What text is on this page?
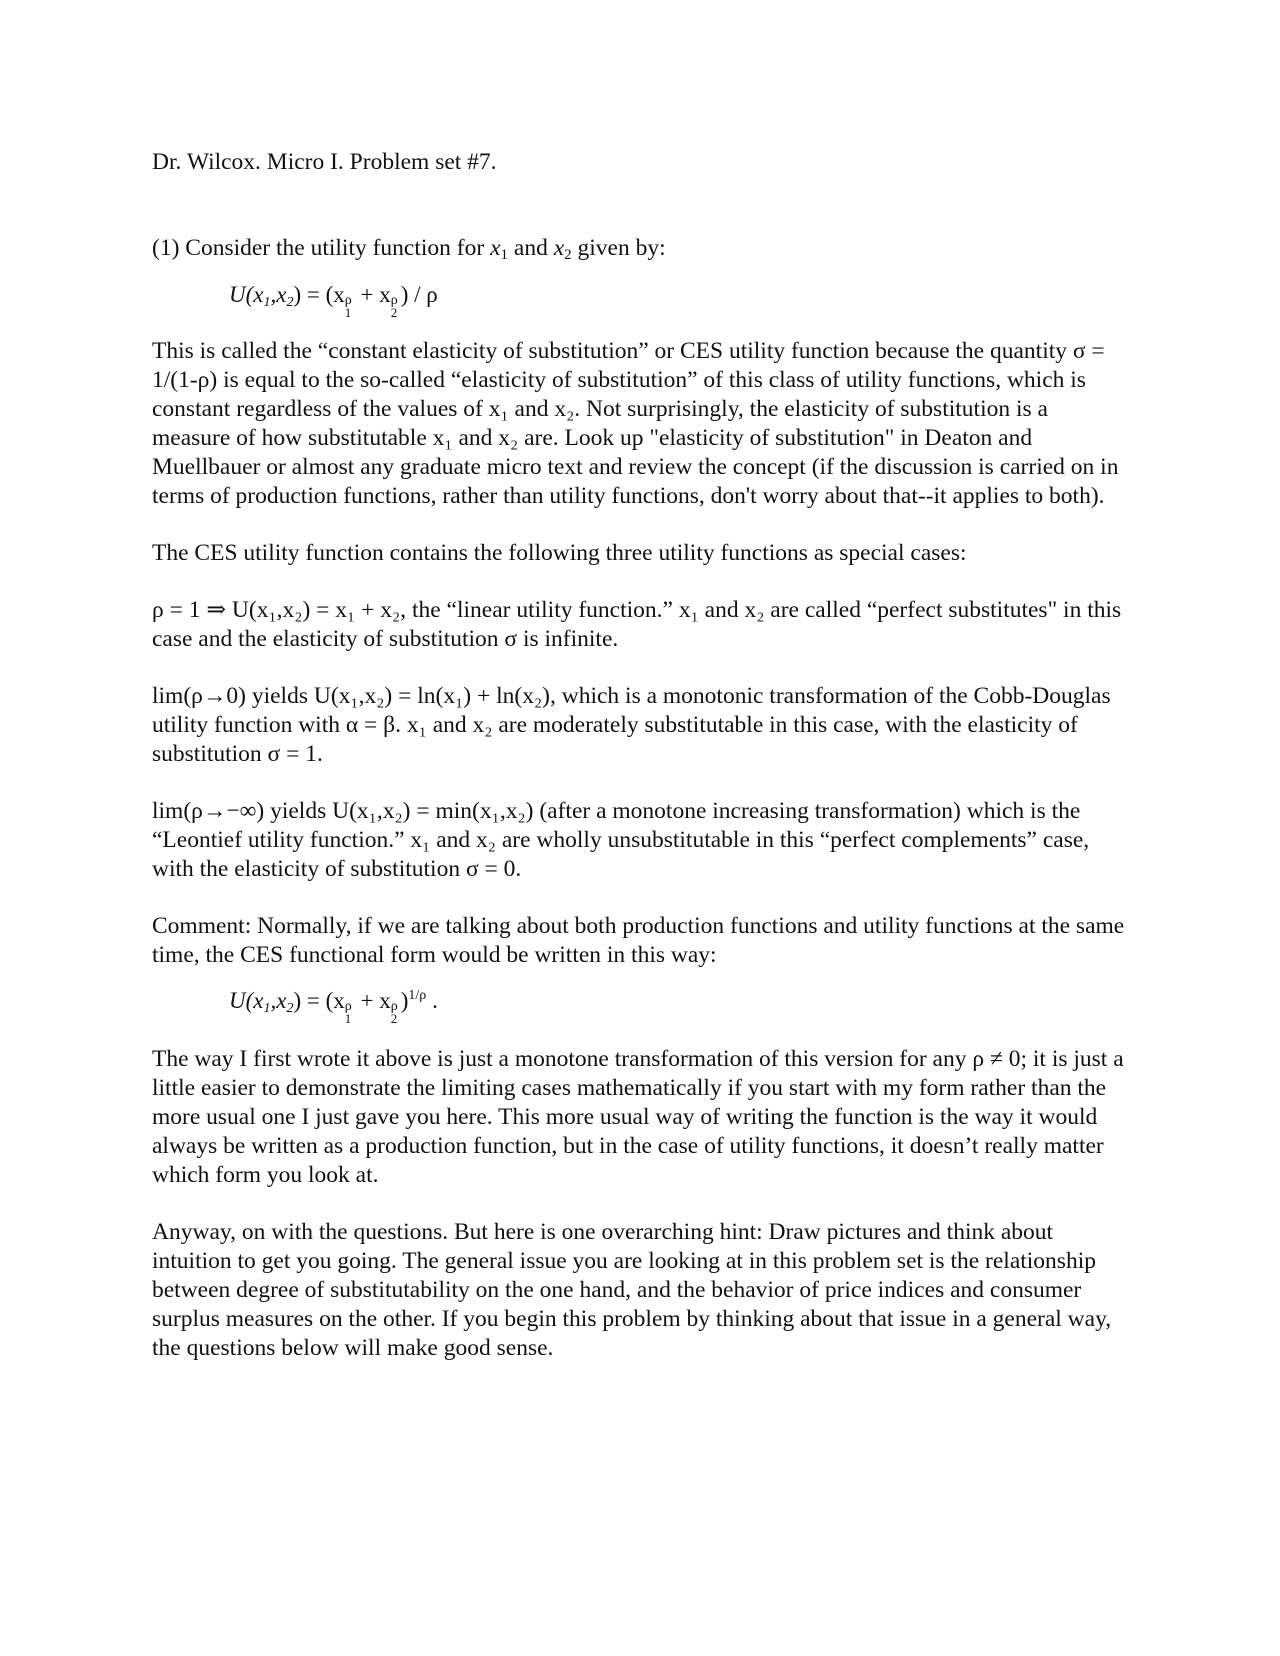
Dr. Wilcox. Micro I. Problem set #7.

(1) Consider the utility function for $x_1$ and $x_2$ given by:

$U(x_1,x_2) = (x$ ρ
1
+ x ρ
2
) / ρ

This is called the “constant elasticity of substitution” or CES utility function because the quantity σ = 1/(1-ρ) is equal to the so-called “elasticity of substitution” of this class of utility functions, which is constant regardless of the values of x₁ and x₂. Not surprisingly, the elasticity of substitution is a measure of how substitutable x₁ and x₂ are. Look up "elasticity of substitution" in Deaton and Muellbauer or almost any graduate micro text and review the concept (if the discussion is carried on in terms of production functions, rather than utility functions, don't worry about that--it applies to both).

The CES utility function contains the following three utility functions as special cases:

ρ = 1 ⇒ U(x₁,x₂) = x₁ + x₂, the “linear utility function.” x₁ and x₂ are called “perfect substitutes" in this case and the elasticity of substitution σ is infinite.

lim(ρ→0) yields U(x₁,x₂) = ln(x₁) + ln(x₂), which is a monotonic transformation of the Cobb-Douglas utility function with α = β. x₁ and x₂ are moderately substitutable in this case, with the elasticity of substitution σ = 1.

lim(ρ→−∞) yields U(x₁,x₂) = min(x₁,x₂) (after a monotone increasing transformation) which is the “Leontief utility function.” x₁ and x₂ are wholly unsubstitutable in this “perfect complements” case, with the elasticity of substitution σ = 0.

Comment: Normally, if we are talking about both production functions and utility functions at the same time, the CES functional form would be written in this way:

$U(x_1,x_2) = (x$ ρ
1
+ x ρ
2
)$^{1/\rho}$ .

The way I first wrote it above is just a monotone transformation of this version for any ρ ≠ 0; it is just a little easier to demonstrate the limiting cases mathematically if you start with my form rather than the more usual one I just gave you here. This more usual way of writing the function is the way it would always be written as a production function, but in the case of utility functions, it doesn’t really matter which form you look at.

Anyway, on with the questions. But here is one overarching hint: Draw pictures and think about intuition to get you going. The general issue you are looking at in this problem set is the relationship between degree of substitutability on the one hand, and the behavior of price indices and consumer surplus measures on the other. If you begin this problem by thinking about that issue in a general way, the questions below will make good sense.
